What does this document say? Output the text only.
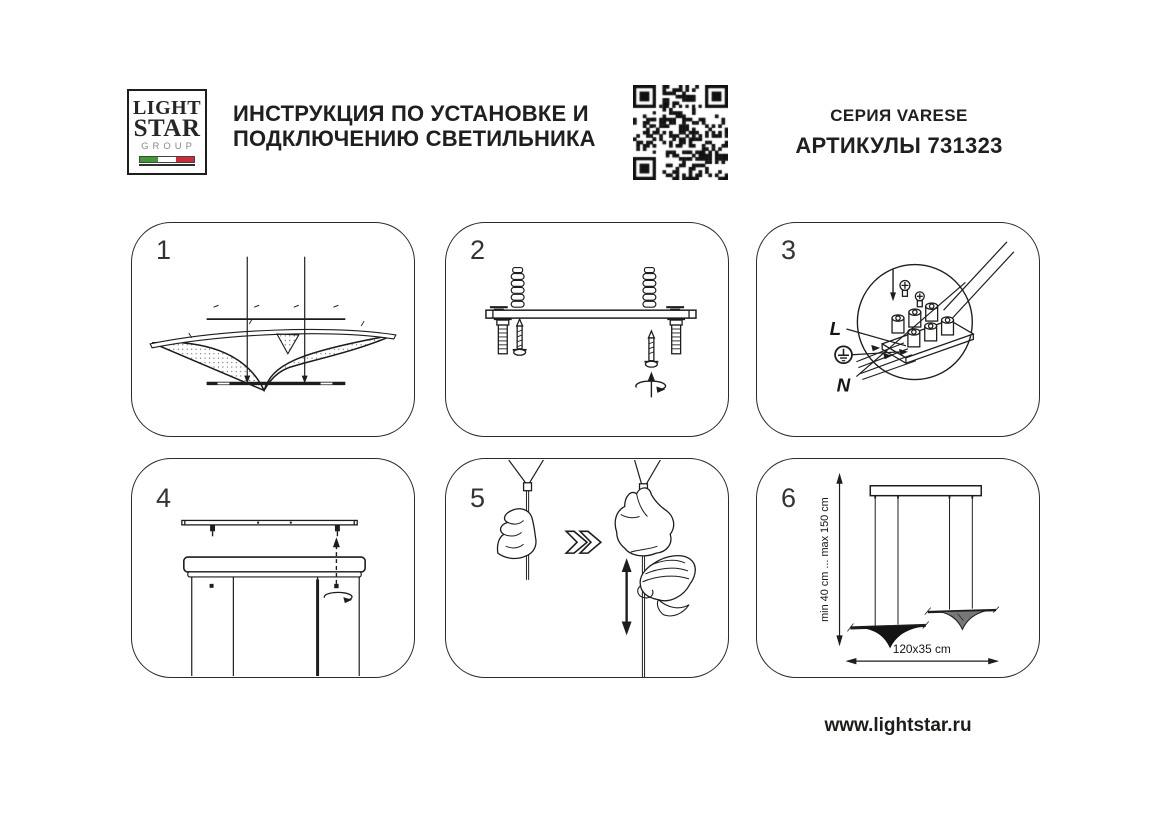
LIGHT
STAR
GROUP
ИНСТРУКЦИЯ ПО УСТАНОВКЕ И
ПОДКЛЮЧЕНИЮ СВЕТИЛЬНИКА
СЕРИЯ VARESE
АРТИКУЛЫ 731323
1	2	3
L
N
4	5	6 min 40 cm ... max 150 cm
120x35 cm
www.lightstar.ru
